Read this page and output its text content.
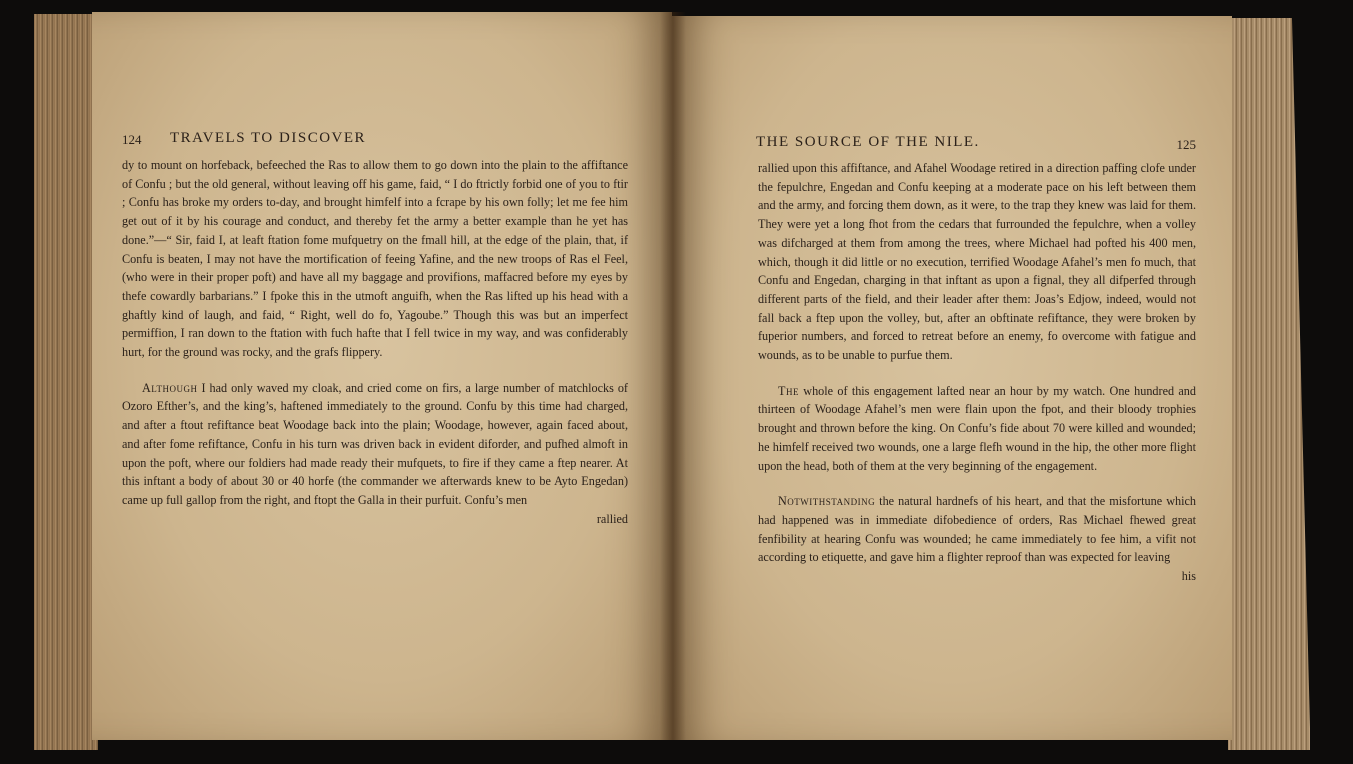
124 TRAVELS TO DISCOVER

dy to mount on horfeback, befeeched the Ras to allow them to go down into the plain to the affiftance of Confu ; but the old general, without leaving off his game, faid, “ I do ftrictly forbid one of you to ftir ; Confu has broke my orders to-day, and brought himfelf into a fcrape by his own folly; let me fee him get out of it by his courage and conduct, and thereby fet the army a better example than he yet has done.”—“ Sir, faid I, at leaft ftation fome mufquetry on the fmall hill, at the edge of the plain, that, if Confu is beaten, I may not have the mortification of feeing Yafine, and the new troops of Ras el Feel, (who were in their proper poft) and have all my baggage and provifions, maffacred before my eyes by thefe cowardly barbarians.” I fpoke this in the utmoft anguifh, when the Ras lifted up his head with a ghaftly kind of laugh, and faid, “ Right, well do fo, Yagoube.” Though this was but an imperfect permiffion, I ran down to the ftation with fuch hafte that I fell twice in my way, and was confiderably hurt, for the ground was rocky, and the grafs flippery.

Although I had only waved my cloak, and cried come on firs, a large number of matchlocks of Ozoro Efther’s, and the king’s, haftened immediately to the ground. Confu by this time had charged, and after a ftout refiftance beat Woodage back into the plain; Woodage, however, again faced about, and after fome refiftance, Confu in his turn was driven back in evident diforder, and pufhed almoft in upon the poft, where our foldiers had made ready their mufquets, to fire if they came a ftep nearer. At this inftant a body of about 30 or 40 horfe (the commander we afterwards knew to be Ayto Engedan) came up full gallop from the right, and ftopt the Galla in their purfuit. Confu’s men

rallied

THE SOURCE OF THE NILE.	125

rallied upon this affiftance, and Afahel Woodage retired in a direction paffing clofe under the fepulchre, Engedan and Confu keeping at a moderate pace on his left between them and the army, and forcing them down, as it were, to the trap they knew was laid for them. They were yet a long fhot from the cedars that furrounded the fepulchre, when a volley was difcharged at them from among the trees, where Michael had pofted his 400 men, which, though it did little or no execution, terrified Woodage Afahel’s men fo much, that Confu and Engedan, charging in that inftant as upon a fignal, they all difperfed through different parts of the field, and their leader after them: Joas’s Edjow, indeed, would not fall back a ftep upon the volley, but, after an obftinate refiftance, they were broken by fuperior numbers, and forced to retreat before an enemy, fo overcome with fatigue and wounds, as to be unable to purfue them.

The whole of this engagement lafted near an hour by my watch. One hundred and thirteen of Woodage Afahel’s men were flain upon the fpot, and their bloody trophies brought and thrown before the king. On Confu’s fide about 70 were killed and wounded; he himfelf received two wounds, one a large flefh wound in the hip, the other more flight upon the head, both of them at the very beginning of the engagement.

Notwithstanding the natural hardnefs of his heart, and that the misfortune which had happened was in immediate difobedience of orders, Ras Michael fhewed great fenfibility at hearing Confu was wounded; he came immediately to fee him, a vifit not according to etiquette, and gave him a flighter reproof than was expected for leaving

his
